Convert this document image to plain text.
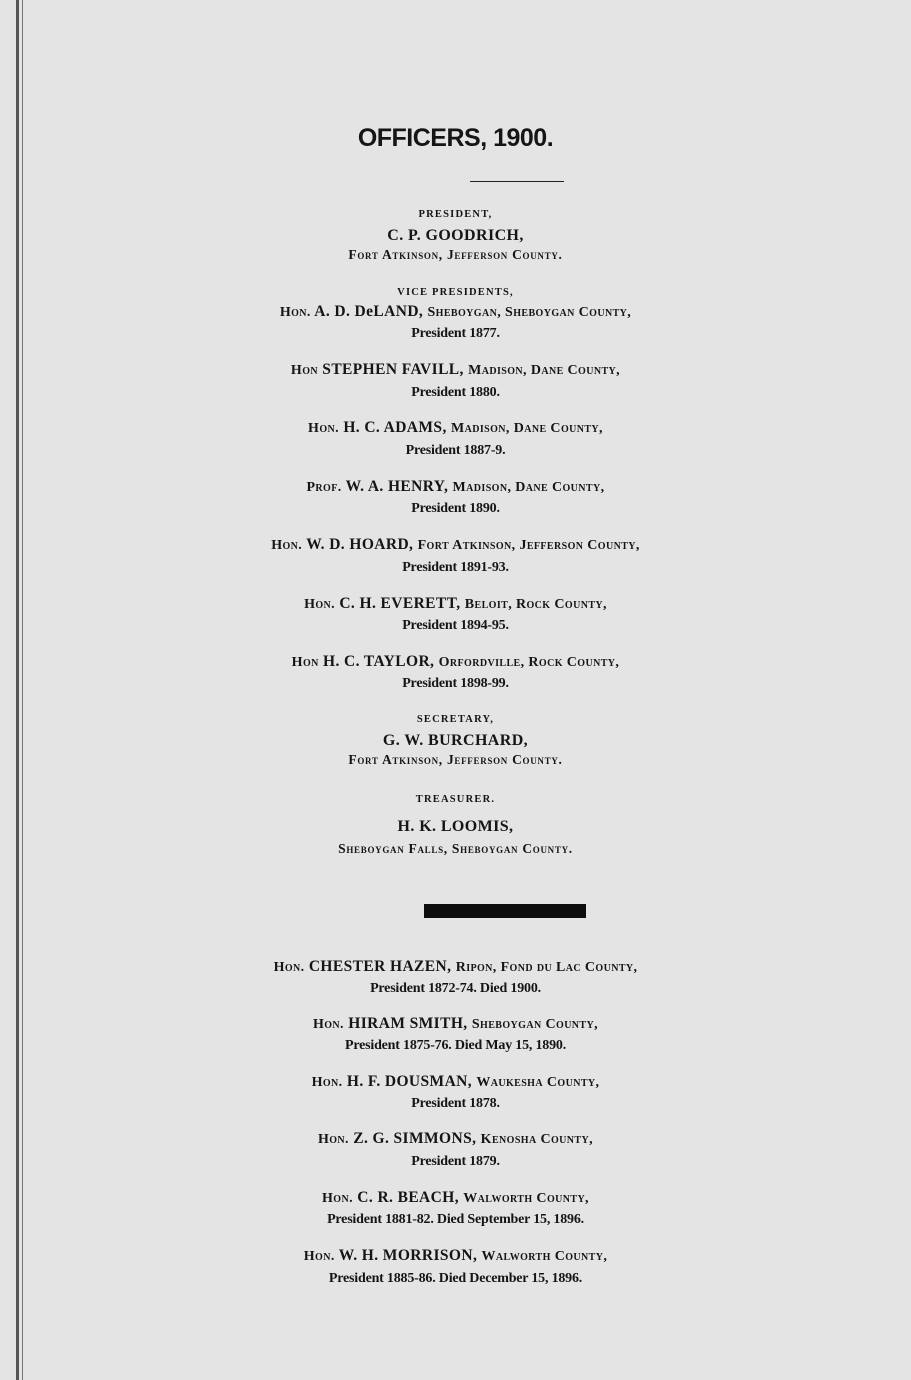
OFFICERS, 1900.
PRESIDENT,
C. P. GOODRICH,
Fort Atkinson, Jefferson County.
VICE PRESIDENTS,
Hon. A. D. DeLAND, Sheboygan, Sheboygan County,
President 1877.
Hon STEPHEN FAVILL, Madison, Dane County,
President 1880.
Hon. H. C. ADAMS, Madison, Dane County,
President 1887-9.
Prof. W. A. HENRY, Madison, Dane County,
President 1890.
Hon. W. D. HOARD, Fort Atkinson, Jefferson County,
President 1891-93.
Hon. C. H. EVERETT, Beloit, Rock County,
President 1894-95.
Hon H. C. TAYLOR, Orfordville, Rock County,
President 1898-99.
SECRETARY,
G. W. BURCHARD,
Fort Atkinson, Jefferson County.
TREASURER.
H. K. LOOMIS,
Sheboygan Falls, Sheboygan County.
Hon. CHESTER HAZEN, Ripon, Fond du Lac County,
President 1872-74. Died 1900.
Hon. HIRAM SMITH, Sheboygan County,
President 1875-76. Died May 15, 1890.
Hon. H. F. DOUSMAN, Waukesha County,
President 1878.
Hon. Z. G. SIMMONS, Kenosha County,
President 1879.
Hon. C. R. BEACH, Walworth County,
President 1881-82. Died September 15, 1896.
Hon. W. H. MORRISON, Walworth County,
President 1885-86. Died December 15, 1896.
